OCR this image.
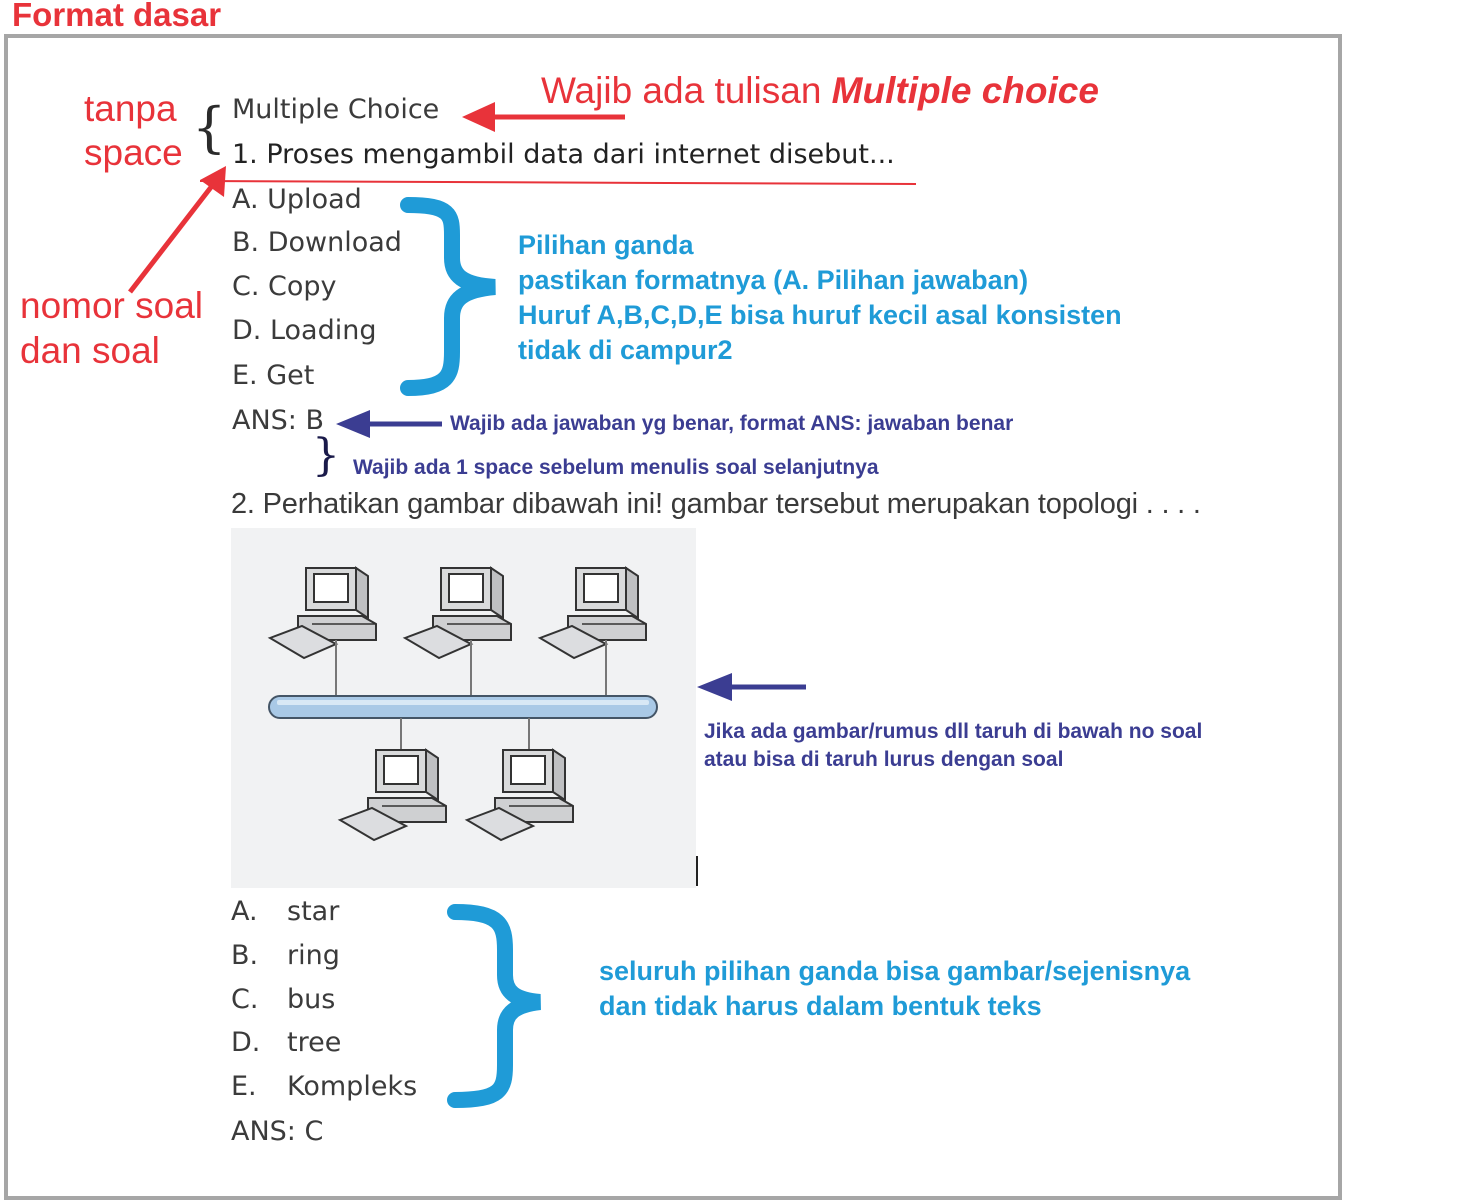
Format dasar
Wajib ada tulisan Multiple choice
tanpa
space {
nomor soal
dan soal
Multiple Choice
1. Proses mengambil data dari internet disebut...
A. Upload
B. Download
C. Copy
D. Loading
E. Get
ANS: B
Pilihan ganda
pastikan formatnya (A. Pilihan jawaban)
Huruf A,B,C,D,E bisa huruf kecil asal konsisten
tidak di campur2
Wajib ada jawaban yg benar, format ANS: jawaban benar
} Wajib ada 1 space sebelum menulis soal selanjutnya
2. Perhatikan gambar dibawah ini! gambar tersebut merupakan topologi . . . .
Jika ada gambar/rumus dll taruh di bawah no soal
atau bisa di taruh lurus dengan soal
A. star
B. ring
C. bus
D. tree
E. Kompleks
ANS: C
seluruh pilihan ganda bisa gambar/sejenisnya
dan tidak harus dalam bentuk teks
